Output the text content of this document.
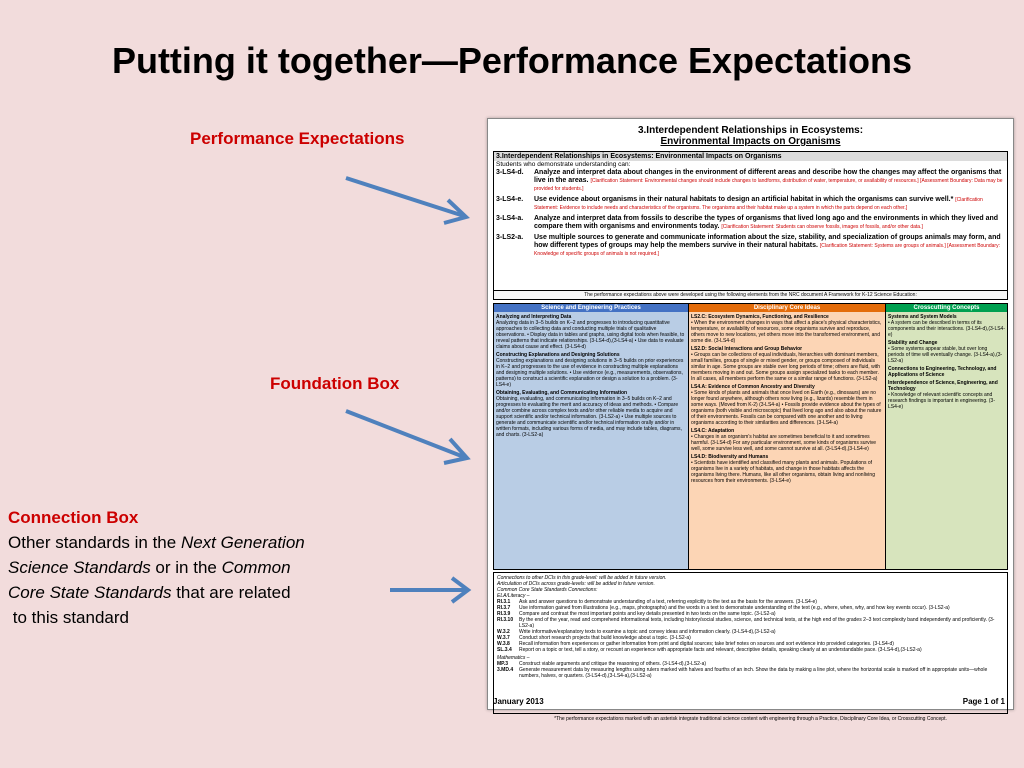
Putting it together—Performance Expectations
Performance Expectations
Foundation Box
Connection Box
Other standards in the Next Generation
Science Standards or in the Common
Core State Standards that are related
to this standard
3.Interdependent Relationships in Ecosystems:
Environmental Impacts on Organisms
3.Interdependent Relationships in Ecosystems: Environmental Impacts on Organisms
Students who demonstrate understanding can:
3-LS4-d.	Analyze and interpret data about changes in the environment of different areas and describe how the changes may affect the organisms that live in the areas. [Clarification Statement: Environmental changes should include changes to landforms, distribution of water, temperature, or availability of resources.] [Assessment Boundary: Data may be provided for students.]
3-LS4-e.	Use evidence about organisms in their natural habitats to design an artificial habitat in which the organisms can survive well.* [Clarification Statement: Evidence to include needs and characteristics of the organisms. The organisms and their habitat make up a system in which the parts depend on each other.]
3-LS4-a.	Analyze and interpret data from fossils to describe the types of organisms that lived long ago and the environments in which they lived and compare them with organisms and environments today. [Clarification Statement: Students can observe fossils, images of fossils, and/or other data.]
3-LS2-a.	Use multiple sources to generate and communicate information about the size, stability, and specialization of groups animals may form, and how different types of groups may help the members survive in their natural habitats. [Clarification Statement: Systems are groups of animals.] [Assessment Boundary: Knowledge of specific groups of animals is not required.]
The performance expectations above were developed using the following elements from the NRC document A Framework for K-12 Science Education:
Science and Engineering Practices

Analyzing and Interpreting Data
Analyzing data in 3–5 builds on K–2 and progresses to introducing quantitative approaches to collecting data and conducting multiple trials of qualitative observations. • Display data in tables and graphs, using digital tools when feasible, to reveal patterns that indicate relationships. (3-LS4-d),(3-LS4-a) • Use data to evaluate claims about cause and effect. (3-LS4-d)

Constructing Explanations and Designing Solutions
Constructing explanations and designing solutions in 3–5 builds on prior experiences in K–2 and progresses to the use of evidence in constructing multiple explanations and designing multiple solutions. • Use evidence (e.g., measurements, observations, patterns) to construct a scientific explanation or design a solution to a problem. (3-LS4-e)

Obtaining, Evaluating, and Communicating Information
Obtaining, evaluating, and communicating information in 3–5 builds on K–2 and progresses to evaluating the merit and accuracy of ideas and methods. • Compare and/or combine across complex texts and/or other reliable media to acquire and support scientific and/or technical information. (3-LS2-a) • Use multiple sources to generate and communicate scientific and/or technical information orally and/or in written formats, including various forms of media, and may include tables, diagrams, and charts. (3-LS2-a)

Disciplinary Core Ideas

LS2.C: Ecosystem Dynamics, Functioning, and Resilience
• When the environment changes in ways that affect a place's physical characteristics, temperature, or availability of resources, some organisms survive and reproduce, others move to new locations, yet others move into the transformed environment, and some die. (3-LS4-d)

LS2.D: Social Interactions and Group Behavior
• Groups can be collections of equal individuals, hierarchies with dominant members, small families, groups of single or mixed gender, or groups composed of individuals similar in age. Some groups are stable over long periods of time; others are fluid, with members moving in and out. Some groups assign specialized tasks to each member. In all cases, all members perform the same or a similar range of functions. (3-LS2-a)

LS4.A: Evidence of Common Ancestry and Diversity
• Some kinds of plants and animals that once lived on Earth (e.g., dinosaurs) are no longer found anywhere, although others now living (e.g., lizards) resemble them in some ways. (Moved from K-2) (3-LS4-a) • Fossils provide evidence about the types of organisms (both visible and microscopic) that lived long ago and also about the nature of their environments. Fossils can be compared with one another and to living organisms according to their similarities and differences. (3-LS4-a)

LS4.C: Adaptation
• Changes in an organism's habitat are sometimes beneficial to it and sometimes harmful. (3-LS4-d) For any particular environment, some kinds of organisms survive well, some survive less well, and some cannot survive at all. (3-LS4-d),(3-LS4-e)

LS4.D: Biodiversity and Humans
• Scientists have identified and classified many plants and animals. Populations of organisms live in a variety of habitats, and change in those habitats affects the organisms living there. Humans, like all other organisms, obtain living and nonliving resources from their environments. (3-LS4-e)

Crosscutting Concepts

Systems and System Models
• A system can be described in terms of its components and their interactions. (3-LS4-d),(3-LS4-e)

Stability and Change
• Some systems appear stable, but over long periods of time will eventually change. (3-LS4-a),(3-LS2-a)

Connections to Engineering, Technology, and Applications of Science

Interdependence of Science, Engineering, and Technology
• Knowledge of relevant scientific concepts and research findings is important in engineering. (3-LS4-e)

Connections to other DCIs in this grade-level: will be added in future version.
Articulation of DCIs across grade-levels: will be added in future version.
Common Core State Standards Connections:
ELA/Literacy –
RI.3.1	Ask and answer questions to demonstrate understanding of a text, referring explicitly to the text as the basis for the answers. (3-LS4-e)
RI.3.7	Use information gained from illustrations (e.g., maps, photographs) and the words in a text to demonstrate understanding of the text (e.g., where, when, why, and how key events occur). (3-LS2-a)
RI.3.9	Compare and contrast the most important points and key details presented in two texts on the same topic. (3-LS2-a)
RI.3.10	By the end of the year, read and comprehend informational texts, including history/social studies, science, and technical texts, at the high end of the grades 2–3 text complexity band independently and proficiently. (3-LS2-a)
W.3.2	Write informative/explanatory texts to examine a topic and convey ideas and information clearly. (3-LS4-d),(3-LS2-a)
W.3.7	Conduct short research projects that build knowledge about a topic. (3-LS2-a)
W.3.8	Recall information from experiences or gather information from print and digital sources; take brief notes on sources and sort evidence into provided categories. (3-LS4-d)
SL.3.4	Report on a topic or text, tell a story, or recount an experience with appropriate facts and relevant, descriptive details, speaking clearly at an understandable pace. (3-LS4-d),(3-LS2-a)
Mathematics –
MP.3	Construct viable arguments and critique the reasoning of others. (3-LS4-d),(3-LS2-a)
3.MD.4	Generate measurement data by measuring lengths using rulers marked with halves and fourths of an inch. Show the data by making a line plot, where the horizontal scale is marked off in appropriate units—whole numbers, halves, or quarters. (3-LS4-d),(3-LS4-a),(3-LS2-a)
*The performance expectations marked with an asterisk integrate traditional science content with engineering through a Practice, Disciplinary Core Idea, or Crosscutting Concept.
January 2013	Page 1 of 1
